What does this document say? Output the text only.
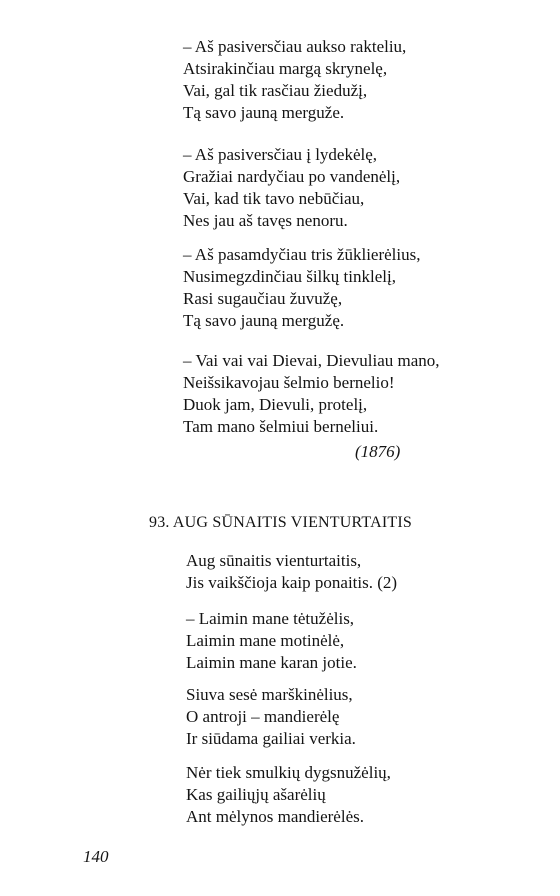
– Aš pasiversčiau aukso rakteliu,
Atsirakinčiau margą skrynelę,
Vai, gal tik rasčiau žiedužį,
Tą savo jauną merguže.
– Aš pasiversčiau į lydekėlę,
Gražiai nardyčiau po vandenėlį,
Vai, kad tik tavo nebūčiau,
Nes jau aš tavęs nenoru.
– Aš pasamdyčiau tris žūklierėlius,
Nusimegzdinčiau šilkų tinklelį,
Rasi sugaučiau žuvužę,
Tą savo jauną mergužę.
– Vai vai vai Dievai, Dievuliau mano,
Neišsikavojau šelmio bernelio!
Duok jam, Dievuli, protelį,
Tam mano šelmiui berneliui.
(1876)
93. AUG SŪNAITIS VIENTURTAITIS
Aug sūnaitis vienturtaitis,
Jis vaikščioja kaip ponaitis. (2)
– Laimin mane tėtužėlis,
Laimin mane motinėlė,
Laimin mane karan jotie.
Siuva sesė marškinėlius,
O antroji – mandierėlę
Ir siūdama gailiai verkia.
Nėr tiek smulkių dygsnužėlių,
Kas gailiųjų ašarėlių
Ant mėlynos mandierėlės.
140
